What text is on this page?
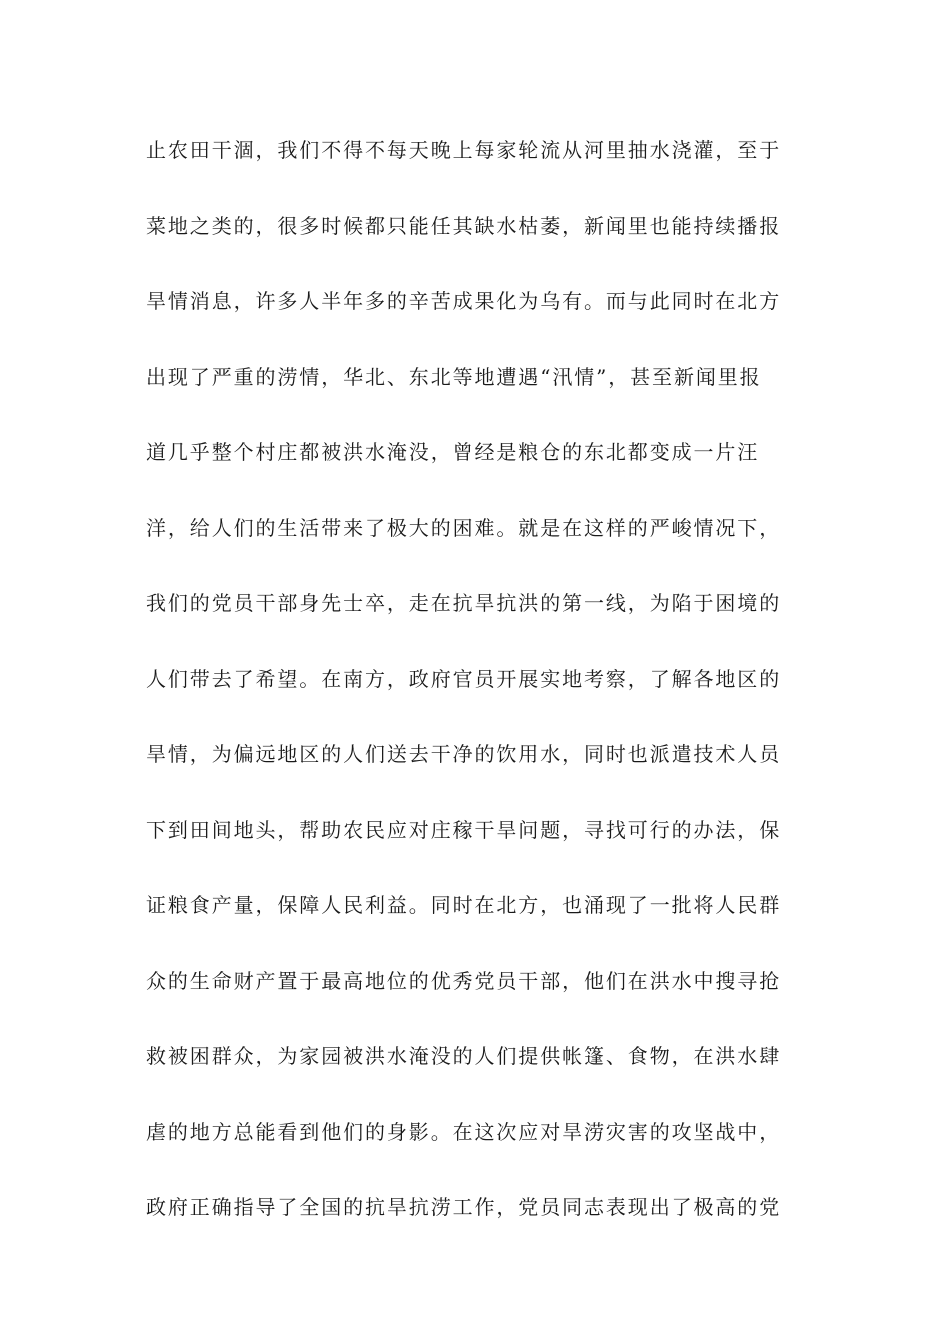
止农田干涸，我们不得不每天晚上每家轮流从河里抽水浇灌，至于
菜地之类的，很多时候都只能任其缺水枯萎，新闻里也能持续播报
旱情消息，许多人半年多的辛苦成果化为乌有。而与此同时在北方
出现了严重的涝情，华北、东北等地遭遇“汛情”，甚至新闻里报
道几乎整个村庄都被洪水淹没，曾经是粮仓的东北都变成一片汪
洋，给人们的生活带来了极大的困难。就是在这样的严峻情况下，
我们的党员干部身先士卒，走在抗旱抗洪的第一线，为陷于困境的
人们带去了希望。在南方，政府官员开展实地考察，了解各地区的
旱情，为偏远地区的人们送去干净的饮用水，同时也派遣技术人员
下到田间地头，帮助农民应对庄稼干旱问题，寻找可行的办法，保
证粮食产量，保障人民利益。同时在北方，也涌现了一批将人民群
众的生命财产置于最高地位的优秀党员干部，他们在洪水中搜寻抢
救被困群众，为家园被洪水淹没的人们提供帐篷、食物，在洪水肆
虐的地方总能看到他们的身影。在这次应对旱涝灾害的攻坚战中，
政府正确指导了全国的抗旱抗涝工作，党员同志表现出了极高的党
